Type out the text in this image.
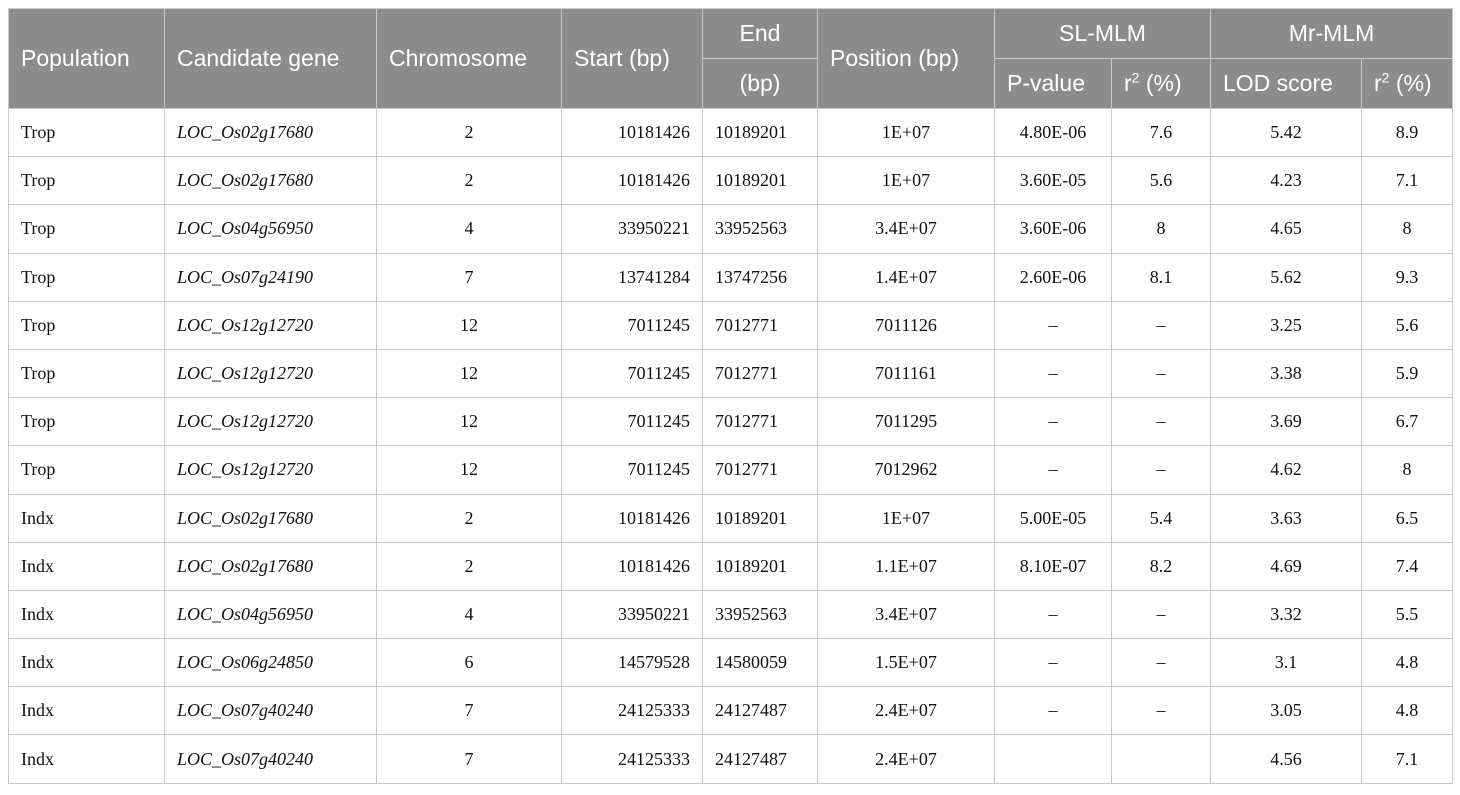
Population	Candidate gene	Chromosome	Start (bp)	End	Position (bp)	SL-MLM		Mr-MLM	
				(bp)		P-value	$r^2$ (%)	LOD score	$r^2$ (%)
Trop	LOC_Os02g17680	2	10181426	10189201	1E+07	4.80E-06	7.6	5.42	8.9
Trop	LOC_Os02g17680	2	10181426	10189201	1E+07	3.60E-05	5.6	4.23	7.1
Trop	LOC_Os04g56950	4	33950221	33952563	3.4E+07	3.60E-06	8	4.65	8
Trop	LOC_Os07g24190	7	13741284	13747256	1.4E+07	2.60E-06	8.1	5.62	9.3
Trop	LOC_Os12g12720	12	7011245	7012771	7011126	–	–	3.25	5.6
Trop	LOC_Os12g12720	12	7011245	7012771	7011161	–	–	3.38	5.9
Trop	LOC_Os12g12720	12	7011245	7012771	7011295	–	–	3.69	6.7
Trop	LOC_Os12g12720	12	7011245	7012771	7012962	–	–	4.62	8
Indx	LOC_Os02g17680	2	10181426	10189201	1E+07	5.00E-05	5.4	3.63	6.5
Indx	LOC_Os02g17680	2	10181426	10189201	1.1E+07	8.10E-07	8.2	4.69	7.4
Indx	LOC_Os04g56950	4	33950221	33952563	3.4E+07	–	–	3.32	5.5
Indx	LOC_Os06g24850	6	14579528	14580059	1.5E+07	–	–	3.1	4.8
Indx	LOC_Os07g40240	7	24125333	24127487	2.4E+07	–	–	3.05	4.8
Indx	LOC_Os07g40240	7	24125333	24127487	2.4E+07			4.56	7.1
